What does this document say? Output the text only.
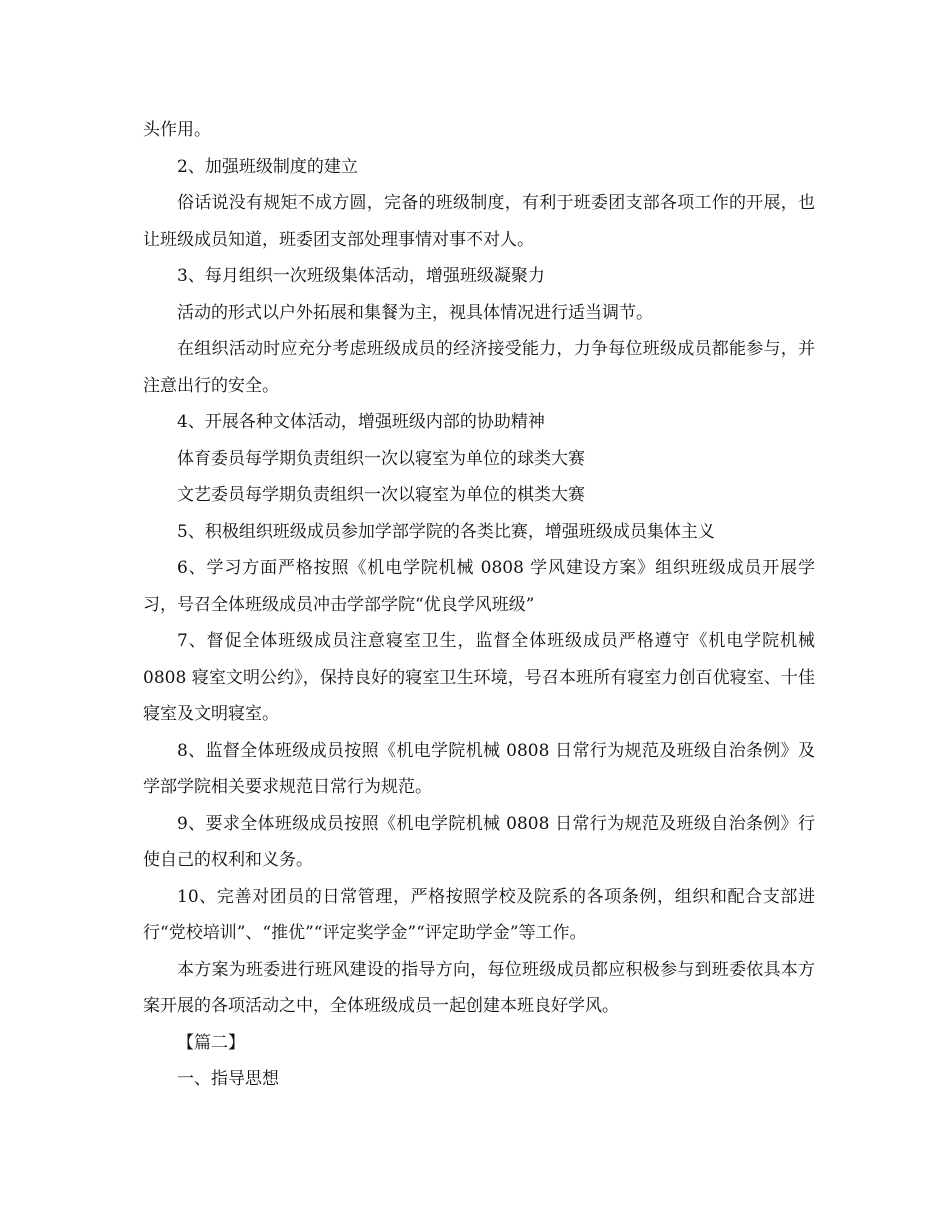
头作用。

2、加强班级制度的建立

俗话说没有规矩不成方圆，完备的班级制度，有利于班委团支部各项工作的开展，也让班级成员知道，班委团支部处理事情对事不对人。

3、每月组织一次班级集体活动，增强班级凝聚力

活动的形式以户外拓展和集餐为主，视具体情况进行适当调节。

在组织活动时应充分考虑班级成员的经济接受能力，力争每位班级成员都能参与，并注意出行的安全。

4、开展各种文体活动，增强班级内部的协助精神

体育委员每学期负责组织一次以寝室为单位的球类大赛

文艺委员每学期负责组织一次以寝室为单位的棋类大赛

5、积极组织班级成员参加学部学院的各类比赛，增强班级成员集体主义

6、学习方面严格按照《机电学院机械 0808 学风建设方案》组织班级成员开展学习，号召全体班级成员冲击学部学院“优良学风班级”

7、督促全体班级成员注意寝室卫生，监督全体班级成员严格遵守《机电学院机械 0808 寝室文明公约》，保持良好的寝室卫生环境，号召本班所有寝室力创百优寝室、十佳寝室及文明寝室。

8、监督全体班级成员按照《机电学院机械 0808 日常行为规范及班级自治条例》及学部学院相关要求规范日常行为规范。

9、要求全体班级成员按照《机电学院机械 0808 日常行为规范及班级自治条例》行使自己的权利和义务。

10、完善对团员的日常管理，严格按照学校及院系的各项条例，组织和配合支部进行“党校培训”、“推优”“评定奖学金”“评定助学金”等工作。

本方案为班委进行班风建设的指导方向，每位班级成员都应积极参与到班委依具本方案开展的各项活动之中，全体班级成员一起创建本班良好学风。

【篇二】

一、指导思想
